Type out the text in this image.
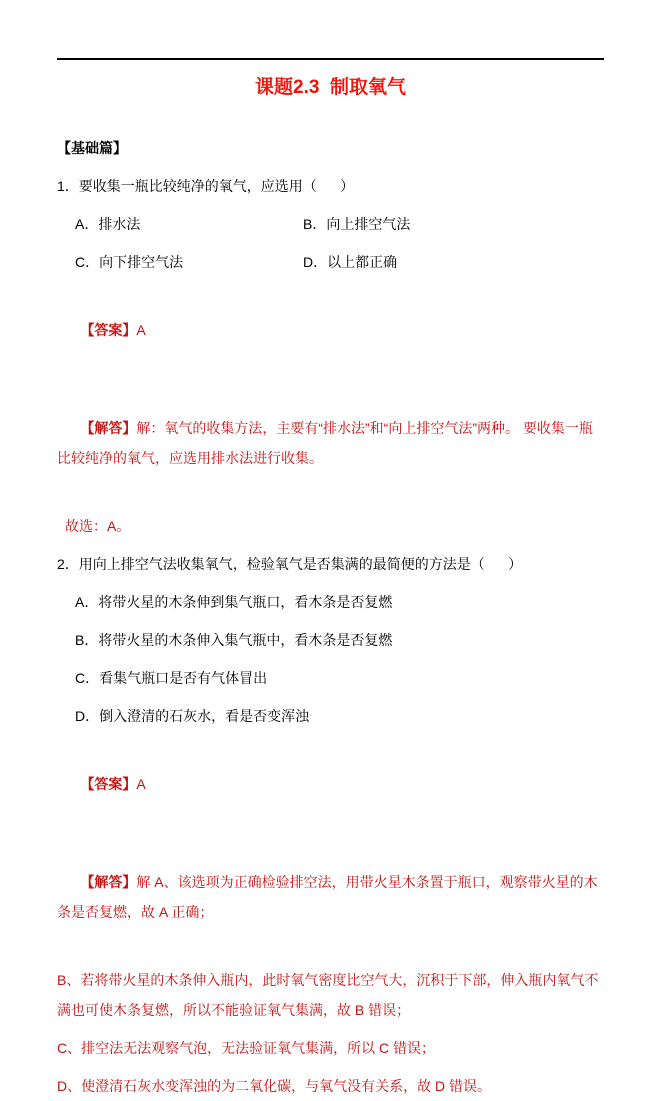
课题2.3  制取氧气
【基础篇】
1．要收集一瓶比较纯净的氧气，应选用（      ）
A．排水法	B．向上排空气法
C．向下排空气法	D．以上都正确

【答案】A

【解答】解：氧气的收集方法，主要有“排水法”和“向上排空气法”两种。 要收集一瓶比较纯净的氧气，应选用排水法进行收集。

故选：A。
2．用向上排空气法收集氧气，检验氧气是否集满的最简便的方法是（      ）
A．将带火星的木条伸到集气瓶口，看木条是否复燃
B．将带火星的木条伸入集气瓶中，看木条是否复燃
C．看集气瓶口是否有气体冒出
D．倒入澄清的石灰水，看是否变浑浊

【答案】A

【解答】解 A、该选项为正确检验排空法，用带火星木条置于瓶口，观察带火星的木条是否复燃，故 A 正确；

B、若将带火星的木条伸入瓶内，此时氧气密度比空气大，沉积于下部，伸入瓶内氧气不满也可使木条复燃，所以不能验证氧气集满，故 B 错误；
C、排空法无法观察气泡，无法验证氧气集满，所以 C 错误；
D、使澄清石灰水变浑浊的为二氧化碳，与氧气没有关系，故 D 错误。
